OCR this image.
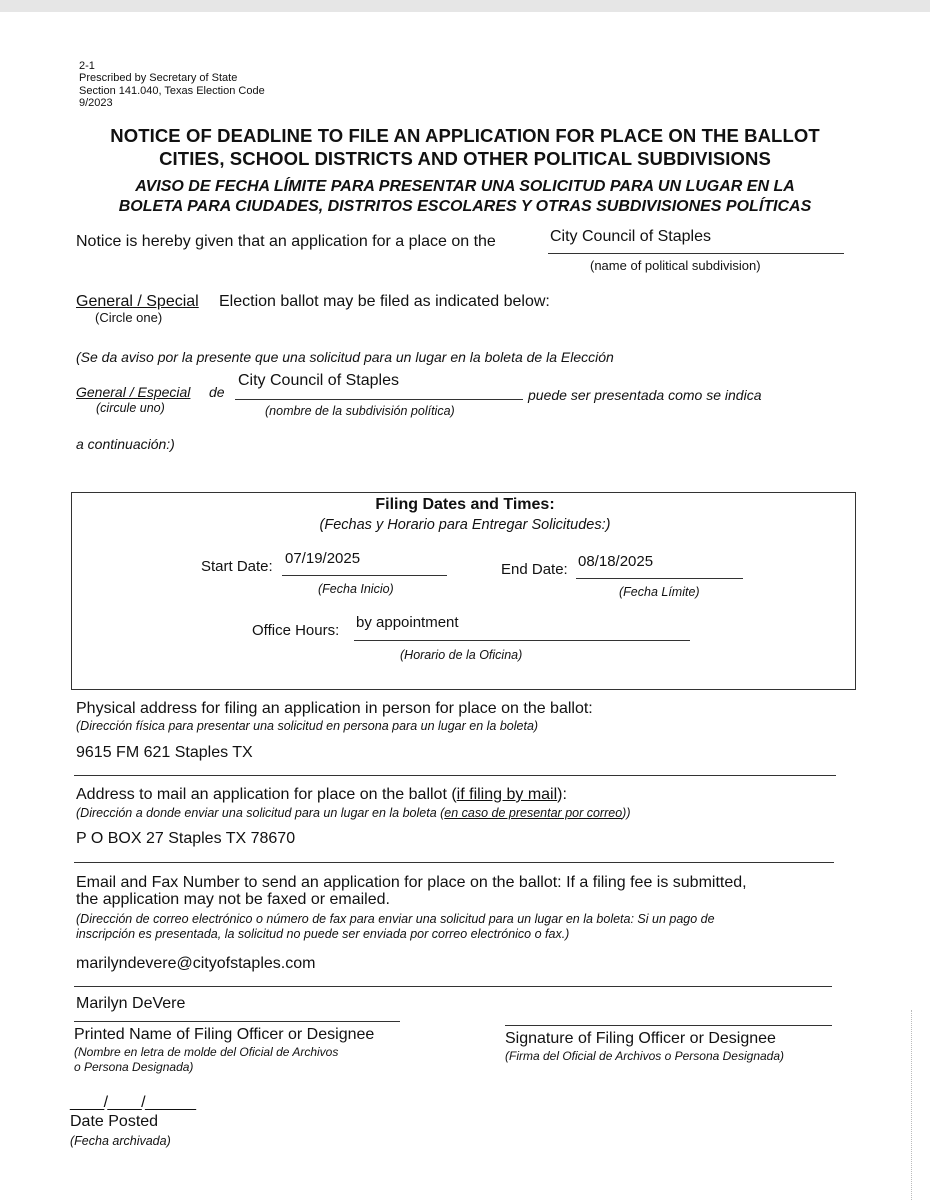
2-1
Prescribed by Secretary of State
Section 141.040, Texas Election Code
9/2023
NOTICE OF DEADLINE TO FILE AN APPLICATION FOR PLACE ON THE BALLOT
CITIES, SCHOOL DISTRICTS AND OTHER POLITICAL SUBDIVISIONS
AVISO DE FECHA LÍMITE PARA PRESENTAR UNA SOLICITUD PARA UN LUGAR EN LA
BOLETA PARA CIUDADES, DISTRITOS ESCOLARES Y OTRAS SUBDIVISIONES POLÍTICAS
Notice is hereby given that an application for a place on the	City Council of Staples
(name of political subdivision)
General / Special Election ballot may be filed as indicated below:
(Circle one)
(Se da aviso por la presente que una solicitud para un lugar en la boleta de la Elección
General / Especial de
City Council of Staples
puede ser presentada como se indica
(circule uno)	(nombre de la subdivisión política)
a continuación:)
Filing Dates and Times:
(Fechas y Horario para Entregar Solicitudes:)
Start Date: 07/19/2025
(Fecha Inicio)
End Date: 08/18/2025
(Fecha Límite)
Office Hours: by appointment
(Horario de la Oficina)
Physical address for filing an application in person for place on the ballot:
(Dirección física para presentar una solicitud en persona para un lugar en la boleta)
9615 FM 621 Staples TX
Address to mail an application for place on the ballot (if filing by mail):
(Dirección a donde enviar una solicitud para un lugar en la boleta (en caso de presentar por correo))
P O BOX 27 Staples TX 78670
Email and Fax Number to send an application for place on the ballot: If a filing fee is submitted,
the application may not be faxed or emailed.
(Dirección de correo electrónico o número de fax para enviar una solicitud para un lugar en la boleta: Si un pago de
inscripción es presentada, la solicitud no puede ser enviada por correo electrónico o fax.)
marilyndevere@cityofstaples.com
Marilyn DeVere
Printed Name of Filing Officer or Designee
(Nombre en letra de molde del Oficial de Archivos
o Persona Designada)
Signature of Filing Officer or Designee
(Firma del Oficial de Archivos o Persona Designada)
____/____/______
Date Posted
(Fecha archivada)
